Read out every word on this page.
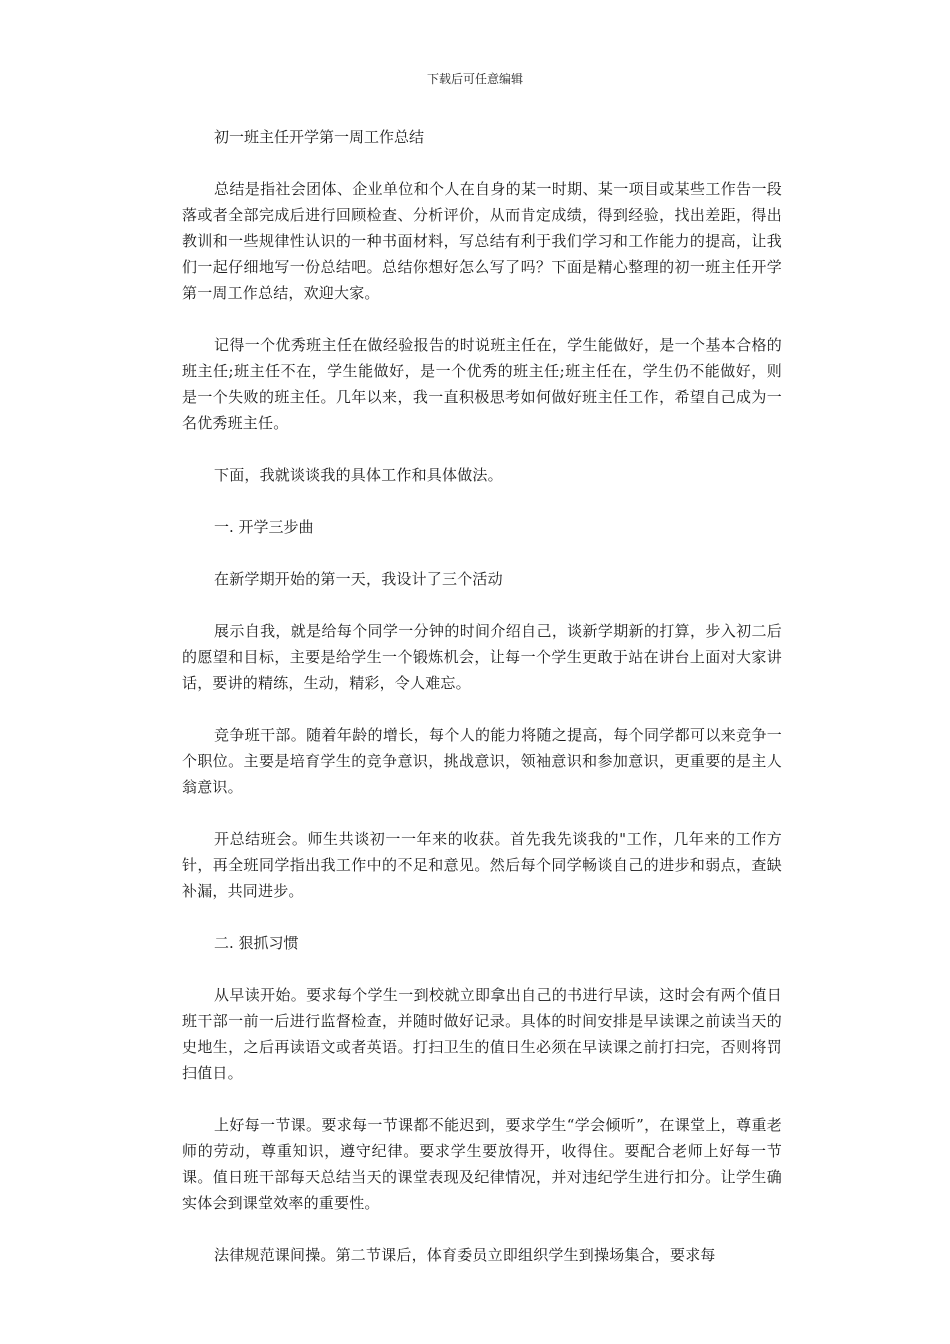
下载后可任意编辑

初一班主任开学第一周工作总结

总结是指社会团体、企业单位和个人在自身的某一时期、某一项目或某些工作告一段落或者全部完成后进行回顾检查、分析评价，从而肯定成绩，得到经验，找出差距，得出教训和一些规律性认识的一种书面材料，写总结有利于我们学习和工作能力的提高，让我们一起仔细地写一份总结吧。总结你想好怎么写了吗？下面是精心整理的初一班主任开学第一周工作总结，欢迎大家。

记得一个优秀班主任在做经验报告的时说班主任在，学生能做好，是一个基本合格的班主任;班主任不在，学生能做好，是一个优秀的班主任;班主任在，学生仍不能做好，则是一个失败的班主任。几年以来，我一直积极思考如何做好班主任工作，希望自己成为一名优秀班主任。

下面，我就谈谈我的具体工作和具体做法。

一. 开学三步曲

在新学期开始的第一天，我设计了三个活动

展示自我，就是给每个同学一分钟的时间介绍自己，谈新学期新的打算，步入初二后的愿望和目标，主要是给学生一个锻炼机会，让每一个学生更敢于站在讲台上面对大家讲话，要讲的精练，生动，精彩，令人难忘。

竞争班干部。随着年龄的增长，每个人的能力将随之提高，每个同学都可以来竞争一个职位。主要是培育学生的竞争意识，挑战意识，领袖意识和参加意识，更重要的是主人翁意识。

开总结班会。师生共谈初一一年来的收获。首先我先谈我的"工作，几年来的工作方针，再全班同学指出我工作中的不足和意见。然后每个同学畅谈自己的进步和弱点，查缺补漏，共同进步。

二. 狠抓习惯

从早读开始。要求每个学生一到校就立即拿出自己的书进行早读，这时会有两个值日班干部一前一后进行监督检查，并随时做好记录。具体的时间安排是早读课之前读当天的史地生，之后再读语文或者英语。打扫卫生的值日生必须在早读课之前打扫完，否则将罚扫值日。

上好每一节课。要求每一节课都不能迟到，要求学生“学会倾听”，在课堂上，尊重老师的劳动，尊重知识，遵守纪律。要求学生要放得开，收得住。要配合老师上好每一节课。值日班干部每天总结当天的课堂表现及纪律情况，并对违纪学生进行扣分。让学生确实体会到课堂效率的重要性。

法律规范课间操。第二节课后，体育委员立即组织学生到操场集合，要求每
